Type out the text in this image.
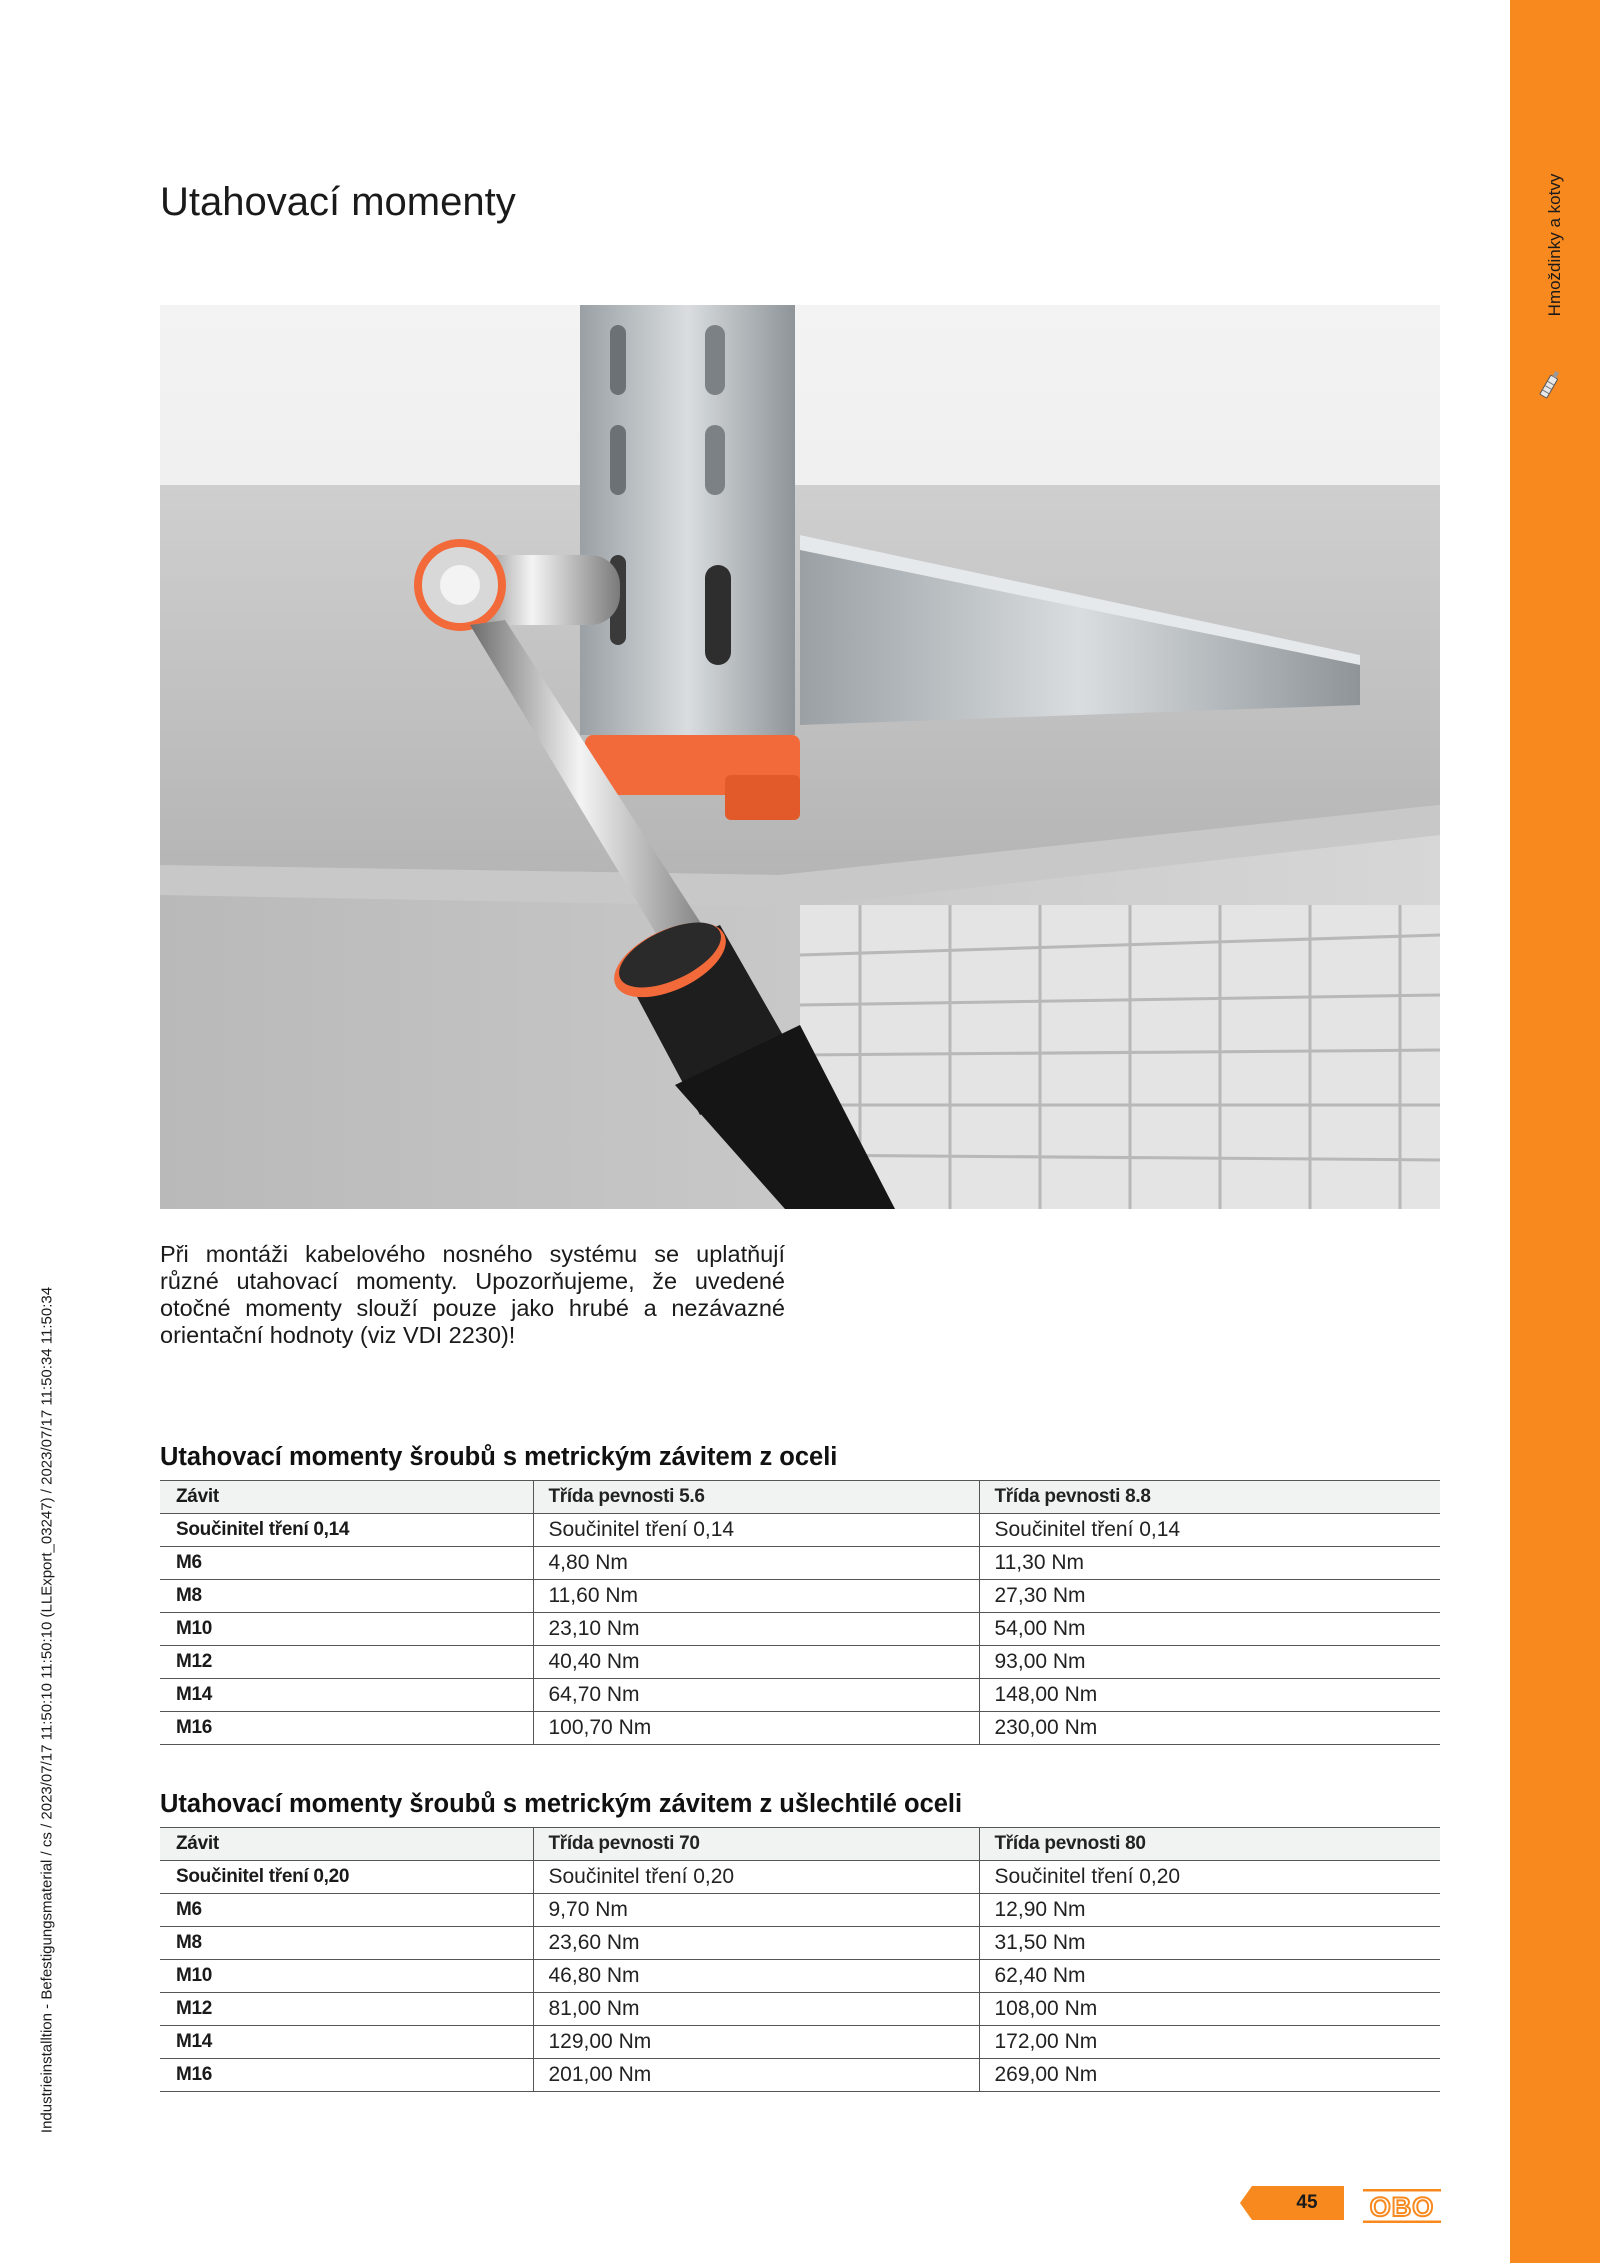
Hmoždinky a kotvy
Industrieinstalltion - Befestigungsmaterial / cs / 2023/07/17 11:50:10 11:50:10 (LLExport_03247) / 2023/07/17 11:50:34 11:50:34
Utahovací momenty

Při montáži kabelového nosného systému se uplatňují různé utahovací momenty. Upozorňujeme, že uvedené otočné momenty slouží pouze jako hrubé a nezávazné orientační hodnoty (viz VDI 2230)!

Utahovací momenty šroubů s metrickým závitem z oceli
Závit	Třída pevnosti 5.6	Třída pevnosti 8.8
Součinitel tření 0,14	Součinitel tření 0,14	Součinitel tření 0,14
M6	4,80 Nm	11,30 Nm
M8	11,60 Nm	27,30 Nm
M10	23,10 Nm	54,00 Nm
M12	40,40 Nm	93,00 Nm
M14	64,70 Nm	148,00 Nm
M16	100,70 Nm	230,00 Nm
Utahovací momenty šroubů s metrickým závitem z ušlechtilé oceli
Závit	Třída pevnosti 70	Třída pevnosti 80
Součinitel tření 0,20	Součinitel tření 0,20	Součinitel tření 0,20
M6	9,70 Nm	12,90 Nm
M8	23,60 Nm	31,50 Nm
M10	46,80 Nm	62,40 Nm
M12	81,00 Nm	108,00 Nm
M14	129,00 Nm	172,00 Nm
M16	201,00 Nm	269,00 Nm
45	OBO
